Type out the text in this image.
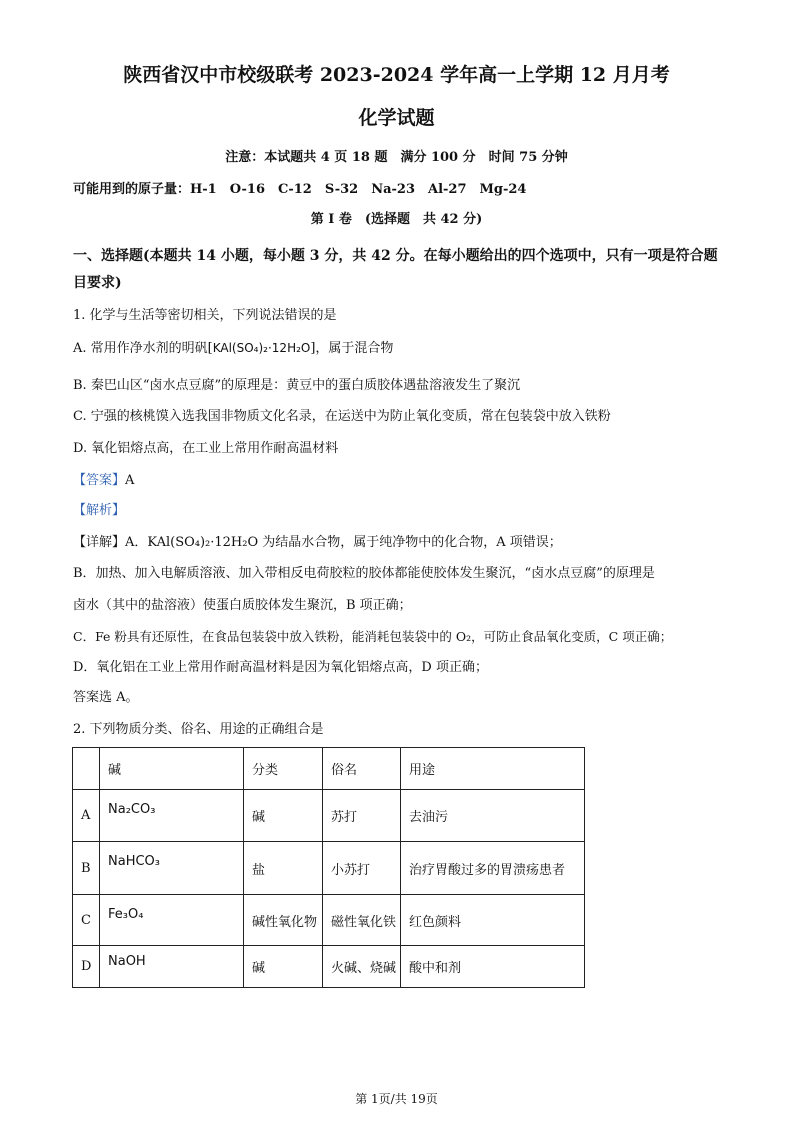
陕西省汉中市校级联考 2023-2024 学年高一上学期 12 月月考
化学试题
注意：本试题共 4 页 18 题　满分 100 分　时间 75 分钟
可能用到的原子量：H-1　O-16　C-12　S-32　Na-23　Al-27　Mg-24
第 I 卷　(选择题　共 42 分)
一、选择题(本题共 14 小题，每小题 3 分，共 42 分。在每小题给出的四个选项中，只有一项是符合题目要求)
1. 化学与生活等密切相关，下列说法错误的是
A. 常用作净水剂的明矾[KAl(SO₄)₂·12H₂O]，属于混合物
B. 秦巴山区“卤水点豆腐”的原理是：黄豆中的蛋白质胶体遇盐溶液发生了聚沉
C. 宁强的核桃馍入选我国非物质文化名录，在运送中为防止氧化变质，常在包装袋中放入铁粉
D. 氧化铝熔点高，在工业上常用作耐高温材料
【答案】A
【解析】
【详解】A．KAl(SO₄)₂·12H₂O 为结晶水合物，属于纯净物中的化合物，A 项错误；
B．加热、加入电解质溶液、加入带相反电荷胶粒的胶体都能使胶体发生聚沉，“卤水点豆腐”的原理是
卤水（其中的盐溶液）使蛋白质胶体发生聚沉，B 项正确；
C．Fe 粉具有还原性，在食品包装袋中放入铁粉，能消耗包装袋中的 O₂，可防止食品氧化变质，C 项正确；
D．氧化铝在工业上常用作耐高温材料是因为氧化铝熔点高，D 项正确；
答案选 A。
2. 下列物质分类、俗名、用途的正确组合是
	碱	分类	俗名	用途
A	Na₂CO₃	碱	苏打	去油污
B	NaHCO₃	盐	小苏打	治疗胃酸过多的胃溃疡患者
C	Fe₃O₄	碱性氧化物	磁性氧化铁	红色颜料
D	NaOH	碱	火碱、烧碱	酸中和剂
第 1页/共 19页
